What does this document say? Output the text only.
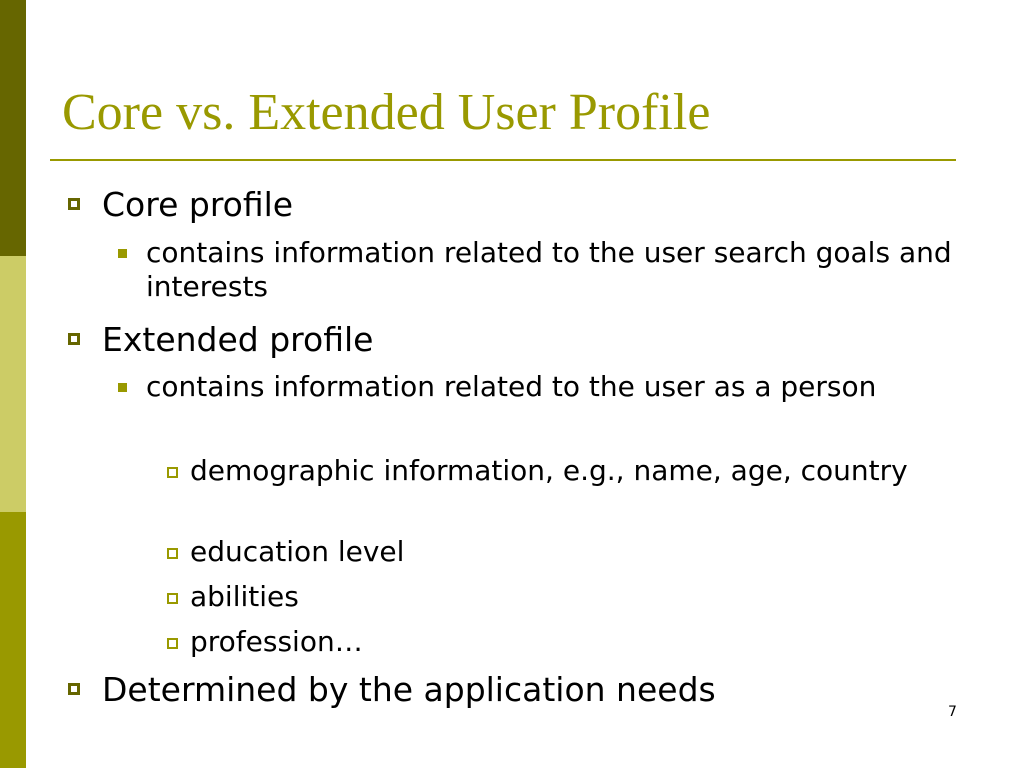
Core vs. Extended User Profile
Core profile
contains information related to the user search goals and interests
Extended profile
contains information related to the user as a person
demographic information, e.g., name, age, country
education level
abilities
profession…
Determined by the application needs
7
